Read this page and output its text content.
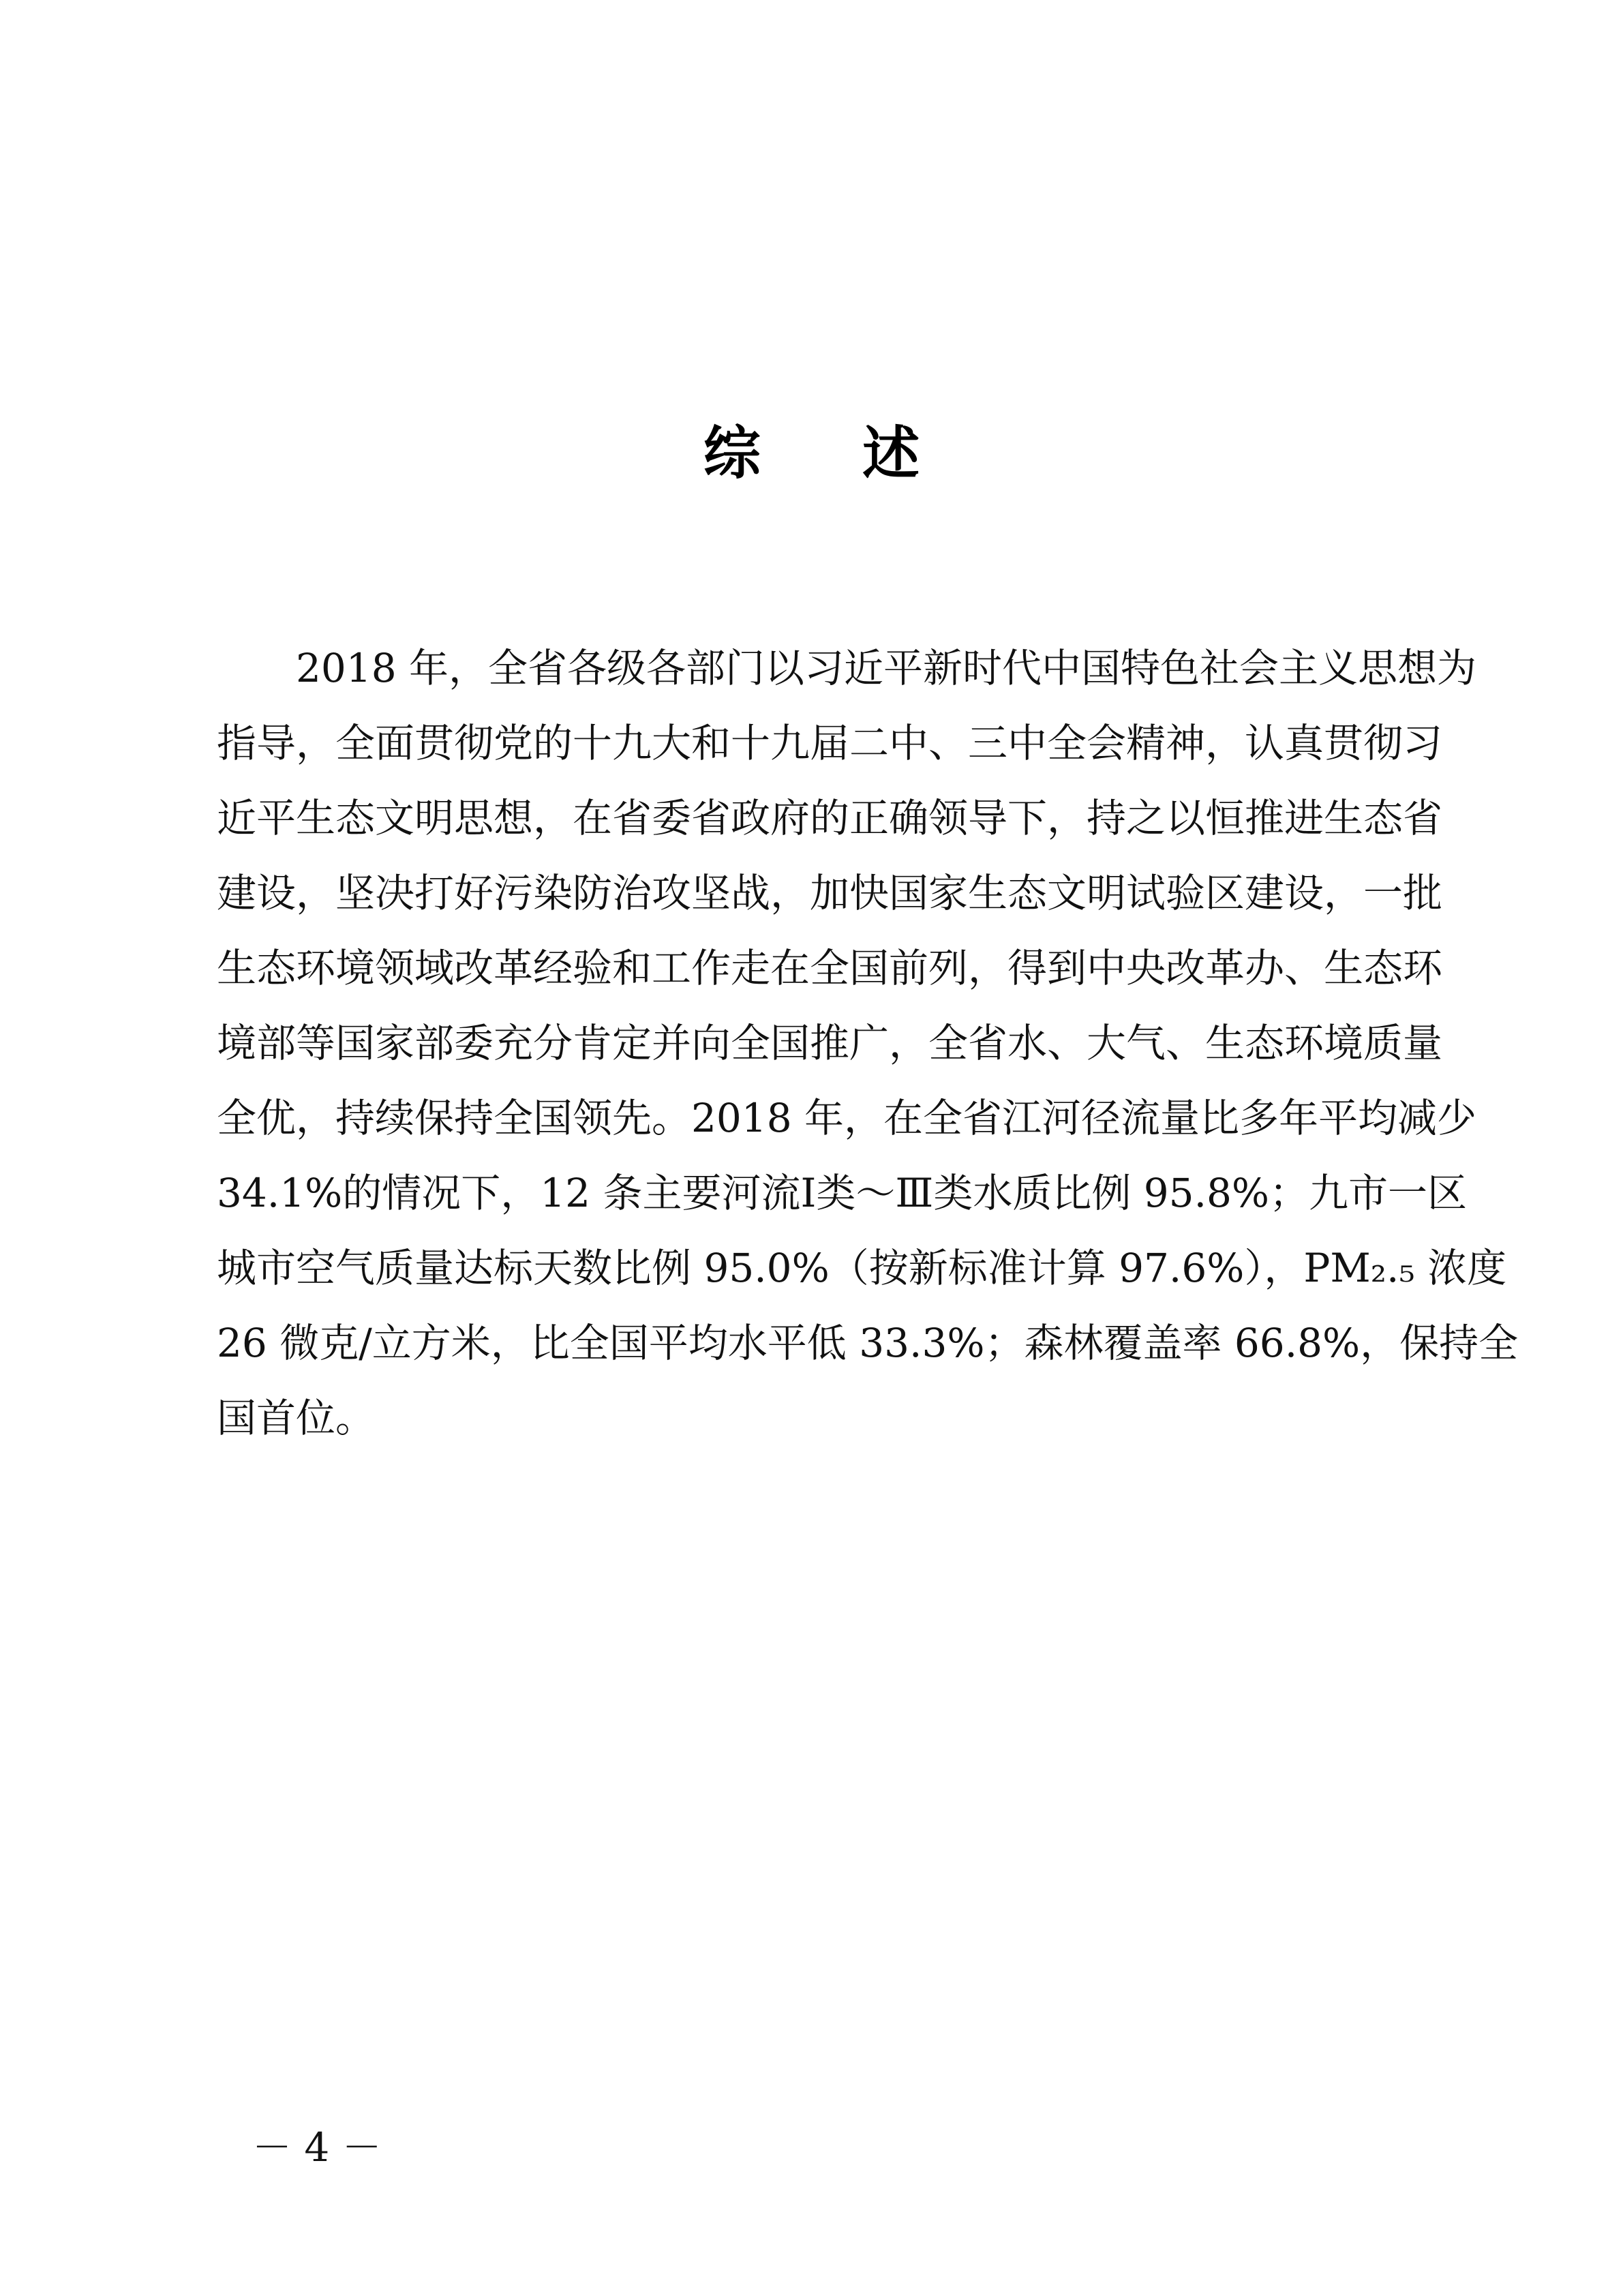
综 述
2018 年，全省各级各部门以习近平新时代中国特色社会主义思想为
指导，全面贯彻党的十九大和十九届二中、三中全会精神，认真贯彻习
近平生态文明思想，在省委省政府的正确领导下，持之以恒推进生态省
建设，坚决打好污染防治攻坚战，加快国家生态文明试验区建设，一批
生态环境领域改革经验和工作走在全国前列，得到中央改革办、生态环
境部等国家部委充分肯定并向全国推广，全省水、大气、生态环境质量
全优，持续保持全国领先。2018 年，在全省江河径流量比多年平均减少
34.1%的情况下，12 条主要河流Ⅰ类～Ⅲ类水质比例 95.8%；九市一区
城市空气质量达标天数比例 95.0%（按新标准计算 97.6%），PM₂.₅ 浓度
26 微克/立方米，比全国平均水平低 33.3%；森林覆盖率 66.8%，保持全
国首位。
－ 4 －
